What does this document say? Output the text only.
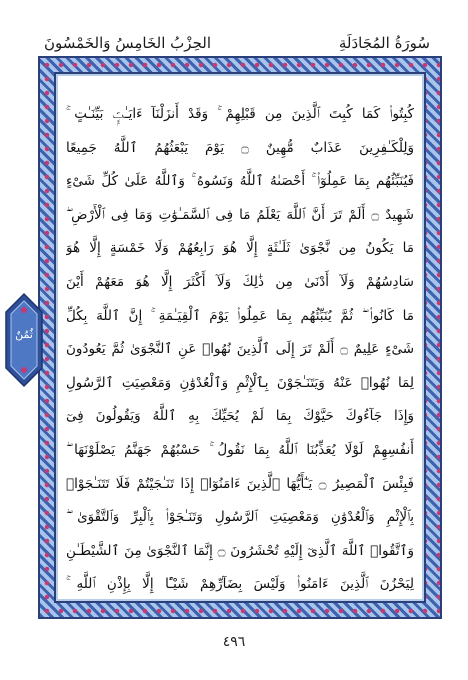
سُورَةُ المُجَادَلَةِ
الحِزْبُ الخَامِسُ وَالخَمْسُونَ
كُبِتُوا۟ كَمَا كُبِتَ ٱلَّذِينَ مِن قَبْلِهِمْ ۚ وَقَدْ أَنزَلْنَآ ءَايَـٰتٍۭ بَيِّنَـٰتٍ ۚ
وَلِلْكَـٰفِرِينَ عَذَابٌ مُّهِينٌ ۝ يَوْمَ يَبْعَثُهُمُ ٱللَّهُ جَمِيعًا
فَيُنَبِّئُهُم بِمَا عَمِلُوٓا۟ ۚ أَحْصَىٰهُ ٱللَّهُ وَنَسُوهُ ۚ وَٱللَّهُ عَلَىٰ كُلِّ شَىْءٍ
شَهِيدٌ ۝ أَلَمْ تَرَ أَنَّ ٱللَّهَ يَعْلَمُ مَا فِى ٱلسَّمَـٰوَٰتِ وَمَا فِى ٱلْأَرْضِ ۖ
مَا يَكُونُ مِن نَّجْوَىٰ ثَلَـٰثَةٍ إِلَّا هُوَ رَابِعُهُمْ وَلَا خَمْسَةٍ إِلَّا هُوَ
سَادِسُهُمْ وَلَآ أَدْنَىٰ مِن ذَٰلِكَ وَلَآ أَكْثَرَ إِلَّا هُوَ مَعَهُمْ أَيْنَ
مَا كَانُوا۟ ۖ ثُمَّ يُنَبِّئُهُم بِمَا عَمِلُوا۟ يَوْمَ ٱلْقِيَـٰمَةِ ۚ إِنَّ ٱللَّهَ بِكُلِّ
شَىْءٍ عَلِيمٌ ۝ أَلَمْ تَرَ إِلَى ٱلَّذِينَ نُهُوا۟ عَنِ ٱلنَّجْوَىٰ ثُمَّ يَعُودُونَ
لِمَا نُهُوا۟ عَنْهُ وَيَتَنَـٰجَوْنَ بِٱلْإِثْمِ وَٱلْعُدْوَٰنِ وَمَعْصِيَتِ ٱلرَّسُولِ
وَإِذَا جَآءُوكَ حَيَّوْكَ بِمَا لَمْ يُحَيِّكَ بِهِ ٱللَّهُ وَيَقُولُونَ فِىٓ
أَنفُسِهِمْ لَوْلَا يُعَذِّبُنَا ٱللَّهُ بِمَا نَقُولُ ۚ حَسْبُهُمْ جَهَنَّمُ يَصْلَوْنَهَا ۖ
فَبِئْسَ ٱلْمَصِيرُ ۝ يَـٰٓأَيُّهَا ٱلَّذِينَ ءَامَنُوٓا۟ إِذَا تَنَـٰجَيْتُمْ فَلَا تَتَنَـٰجَوْا۟
بِٱلْإِثْمِ وَٱلْعُدْوَٰنِ وَمَعْصِيَتِ ٱلرَّسُولِ وَتَنَـٰجَوْا۟ بِٱلْبِرِّ وَٱلتَّقْوَىٰ ۖ
وَٱتَّقُوا۟ ٱللَّهَ ٱلَّذِىٓ إِلَيْهِ تُحْشَرُونَ ۝ إِنَّمَا ٱلنَّجْوَىٰ مِنَ ٱلشَّيْطَـٰنِ
لِيَحْزُنَ ٱلَّذِينَ ءَامَنُوا۟ وَلَيْسَ بِضَآرِّهِمْ شَيْـًٔا إِلَّا بِإِذْنِ ٱللَّهِ ۚ
ثُمُنٌ
٤٩٦
